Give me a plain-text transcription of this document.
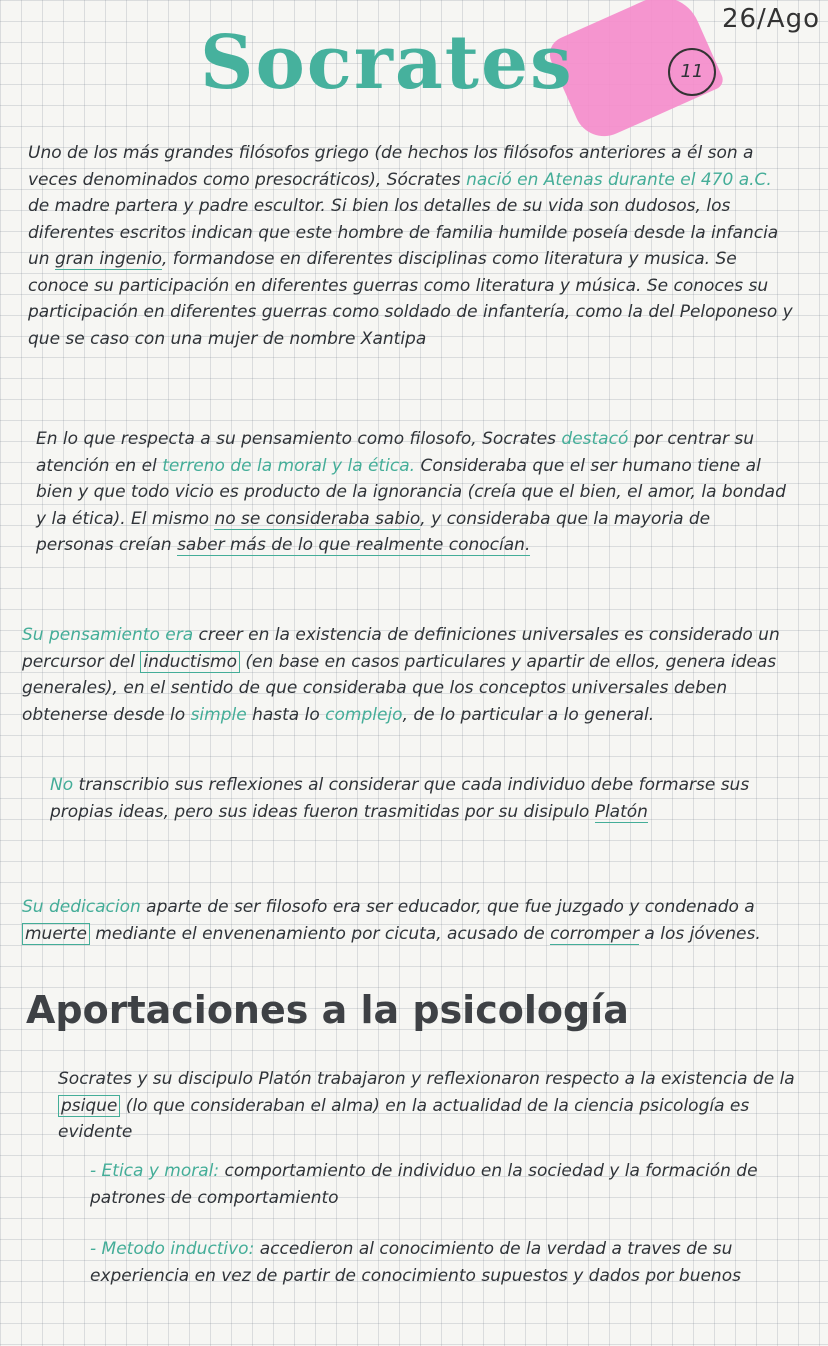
26/Ago
Socrates	11
Uno de los más grandes filósofos griego (de hechos los filósofos anteriores a él son a veces denominados como presocráticos), Sócrates nació en Atenas durante el 470 a.C. de madre partera y padre escultor. Si bien los detalles de su vida son dudosos, los diferentes escritos indican que este hombre de familia humilde poseía desde la infancia un gran ingenio, formandose en diferentes disciplinas como literatura y musica. Se conoce su participación en diferentes guerras como literatura y música. Se conoces su participación en diferentes guerras como soldado de infantería, como la del Peloponeso y que se caso con una mujer de nombre Xantipa
En lo que respecta a su pensamiento como filosofo, Socrates destacó por centrar su atención en el terreno de la moral y la ética. Consideraba que el ser humano tiene al bien y que todo vicio es producto de la ignorancia (creía que el bien, el amor, la bondad y la ética). El mismo no se consideraba sabio, y consideraba que la mayoria de personas creían saber más de lo que realmente conocían.
Su pensamiento era creer en la existencia de definiciones universales es considerado un percursor del inductismo (en base en casos particulares y apartir de ellos, genera ideas generales), en el sentido de que consideraba que los conceptos universales deben obtenerse desde lo simple hasta lo complejo, de lo particular a lo general.
No transcribio sus reflexiones al considerar que cada individuo debe formarse sus propias ideas, pero sus ideas fueron trasmitidas por su disipulo Platón
Su dedicacion aparte de ser filosofo era ser educador, que fue juzgado y condenado a muerte mediante el envenenamiento por cicuta, acusado de corromper a los jóvenes.
Aportaciones a la psicología
Socrates y su discipulo Platón trabajaron y reflexionaron respecto a la existencia de la psique (lo que consideraban el alma) en la actualidad de la ciencia psicología es evidente
- Etica y moral: comportamiento de individuo en la sociedad y la formación de patrones de comportamiento
- Metodo inductivo: accedieron al conocimiento de la verdad a traves de su experiencia en vez de partir de conocimiento supuestos y dados por buenos
